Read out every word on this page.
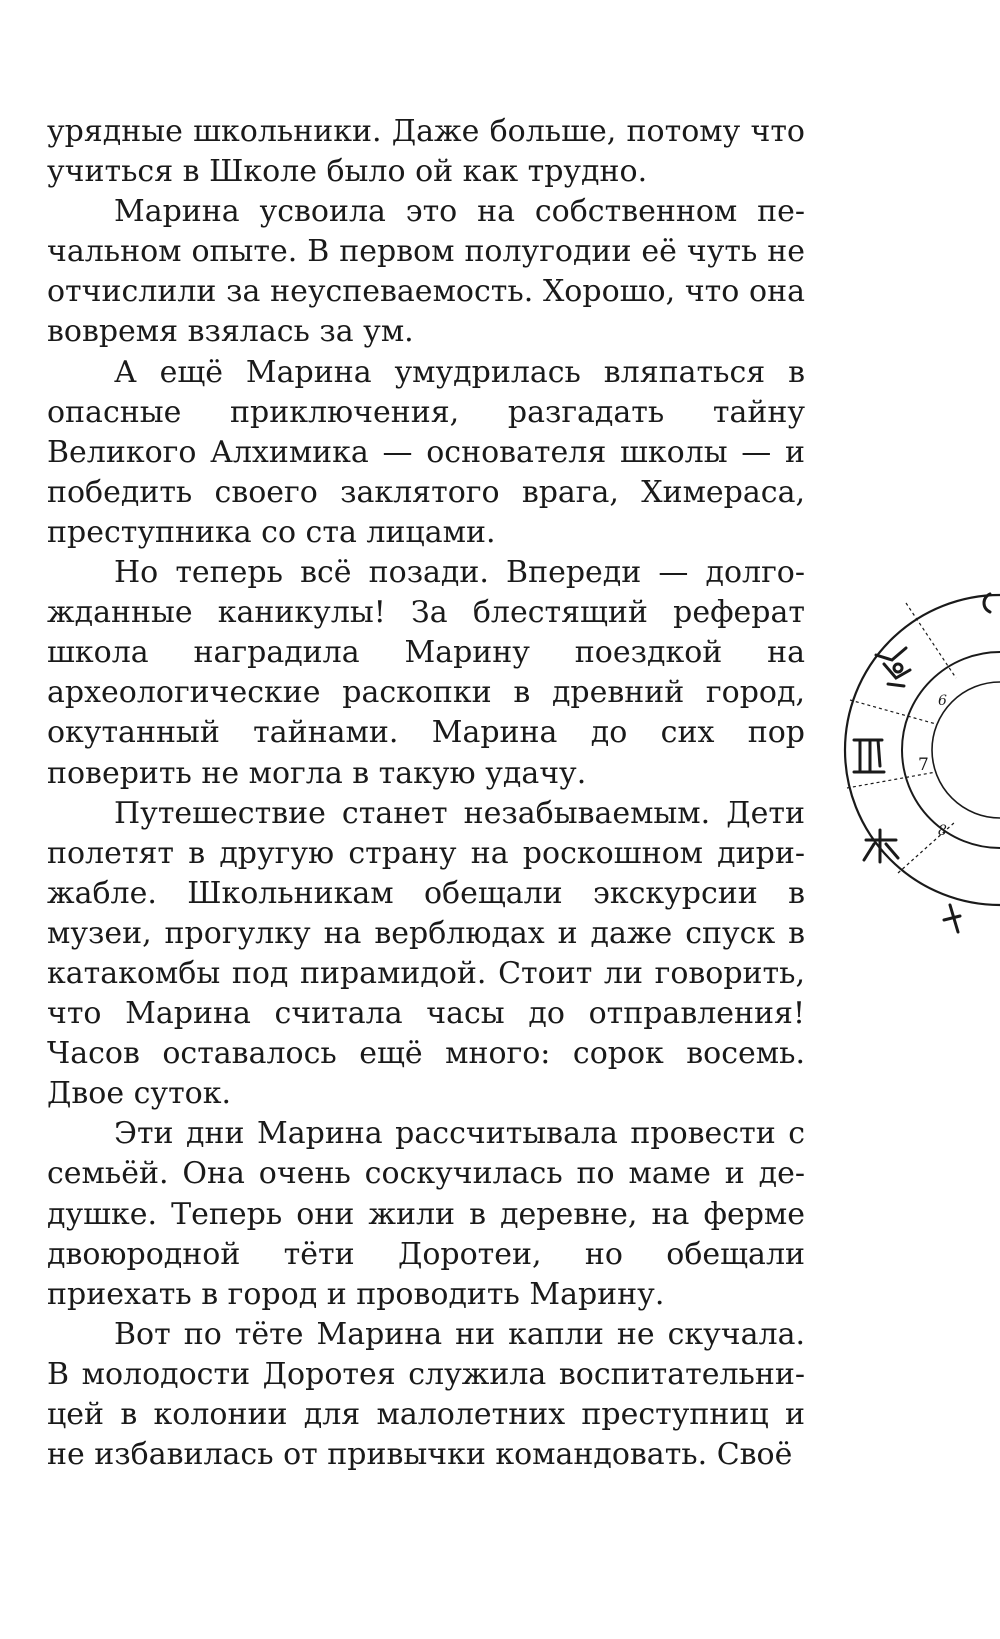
урядные школьники. Даже больше, потому что учиться в Школе было ой как трудно.

Марина усвоила это на собственном печальном опыте. В первом полугодии её чуть не отчислили за неуспеваемость. Хорошо, что она вовремя взялась за ум.

А ещё Марина умудрилась вляпаться в опасные приключения, разгадать тайну Великого Алхимика — основателя школы — и победить своего заклятого врага, Химераса, преступника со ста лицами.

Но теперь всё позади. Впереди — долгожданные каникулы! За блестящий реферат школа наградила Марину поездкой на археологические раскопки в древний город, окутанный тайнами. Марина до сих пор поверить не могла в такую удачу.

Путешествие станет незабываемым. Дети полетят в другую страну на роскошном дирижабле. Школьникам обещали экскурсии в музеи, прогулку на верблюдах и даже спуск в катакомбы под пирамидой. Стоит ли говорить, что Марина считала часы до отправления! Часов оставалось ещё много: сорок восемь. Двое суток.

Эти дни Марина рассчитывала провести с семьёй. Она очень соскучилась по маме и дедушке. Теперь они жили в деревне, на ферме двоюродной тёти Доротеи, но обещали приехать в город и проводить Марину.

Вот по тёте Марина ни капли не скучала. В молодости Доротея служила воспитательницей в колонии для малолетних преступниц и не избавилась от привычки командовать. Своё

6
7
8
